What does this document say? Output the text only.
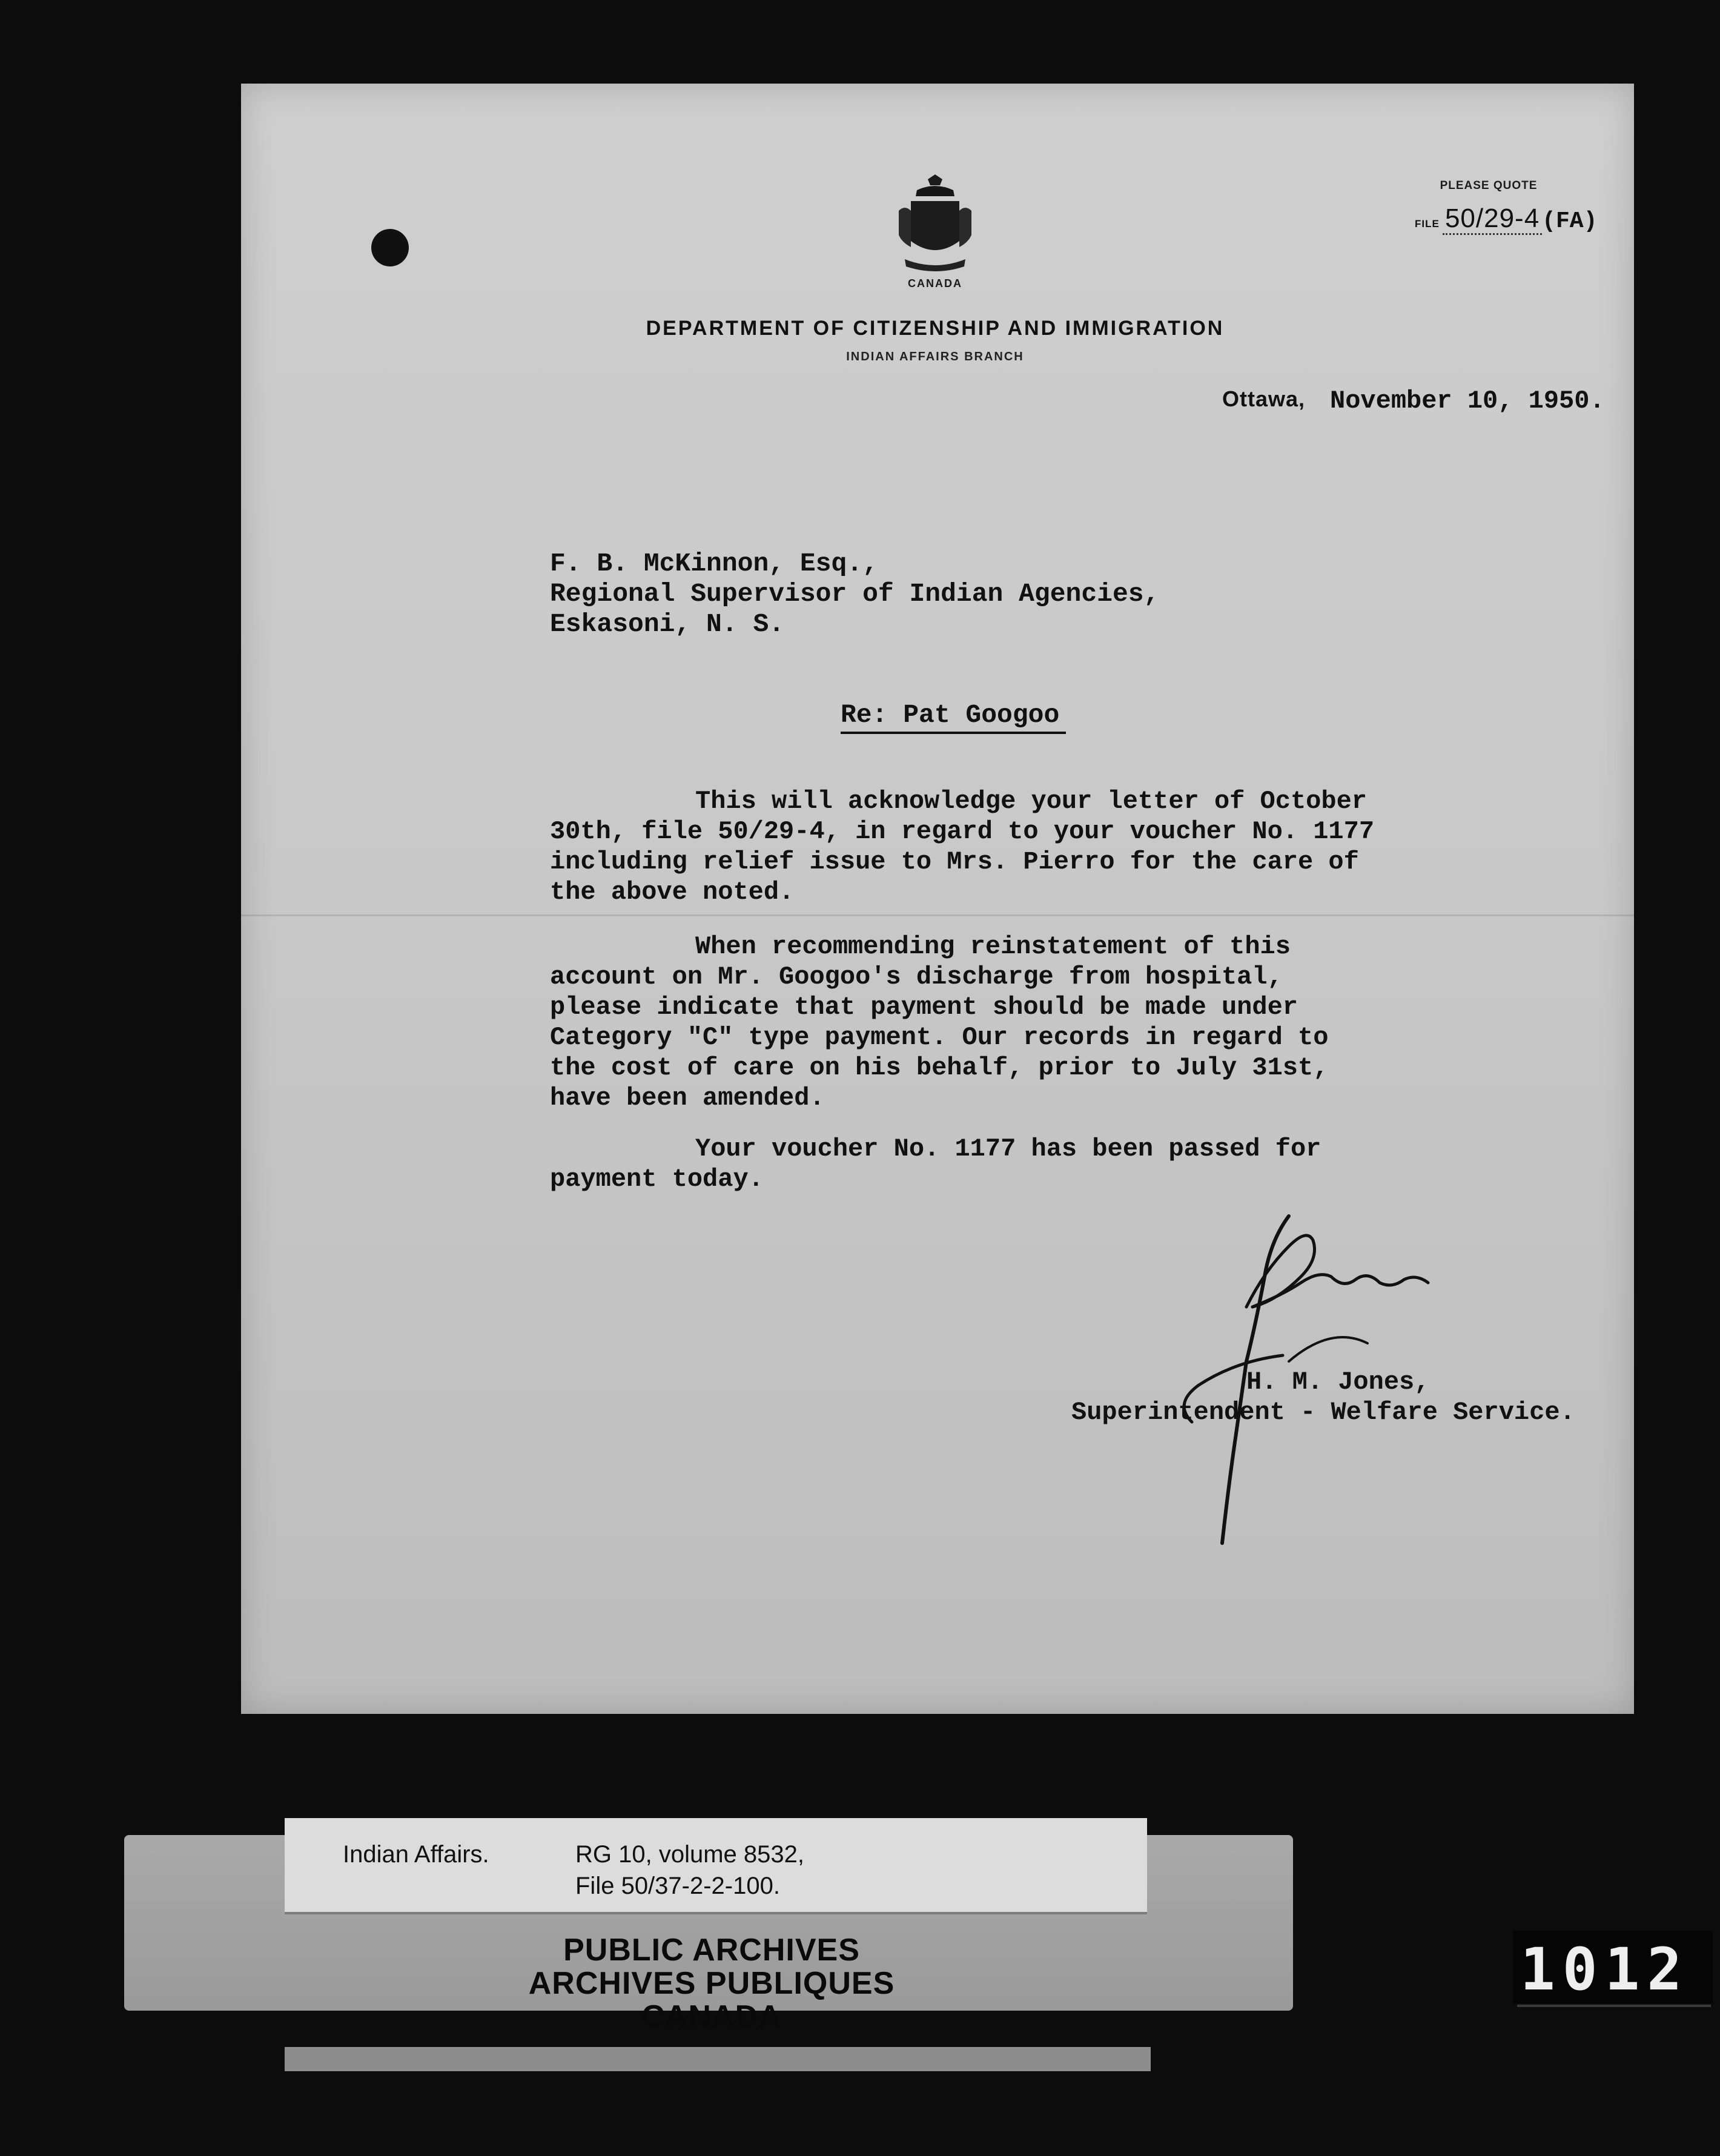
CANADA
DEPARTMENT OF CITIZENSHIP AND IMMIGRATION
INDIAN AFFAIRS BRANCH
PLEASE QUOTE
FILE 50/29-4 (FA)
Ottawa, November 10, 1950.
F. B. McKinnon, Esq.,
Regional Supervisor of Indian Agencies,
Eskasoni, N. S.
Re: Pat Googoo
This will acknowledge your letter of October
30th, file 50/29-4, in regard to your voucher No. 1177
including relief issue to Mrs. Pierro for the care of
the above noted.
When recommending reinstatement of this
account on Mr. Googoo's discharge from hospital,
please indicate that payment should be made under
Category "C" type payment. Our records in regard to
the cost of care on his behalf, prior to July 31st,
have been amended.
Your voucher No. 1177 has been passed for
payment today.
H. M. Jones,
Superintendent - Welfare Service.
Indian Affairs.	RG 10, volume 8532,
File 50/37-2-2-100.
PUBLIC ARCHIVES
ARCHIVES PUBLIQUES
CANADA
1012
